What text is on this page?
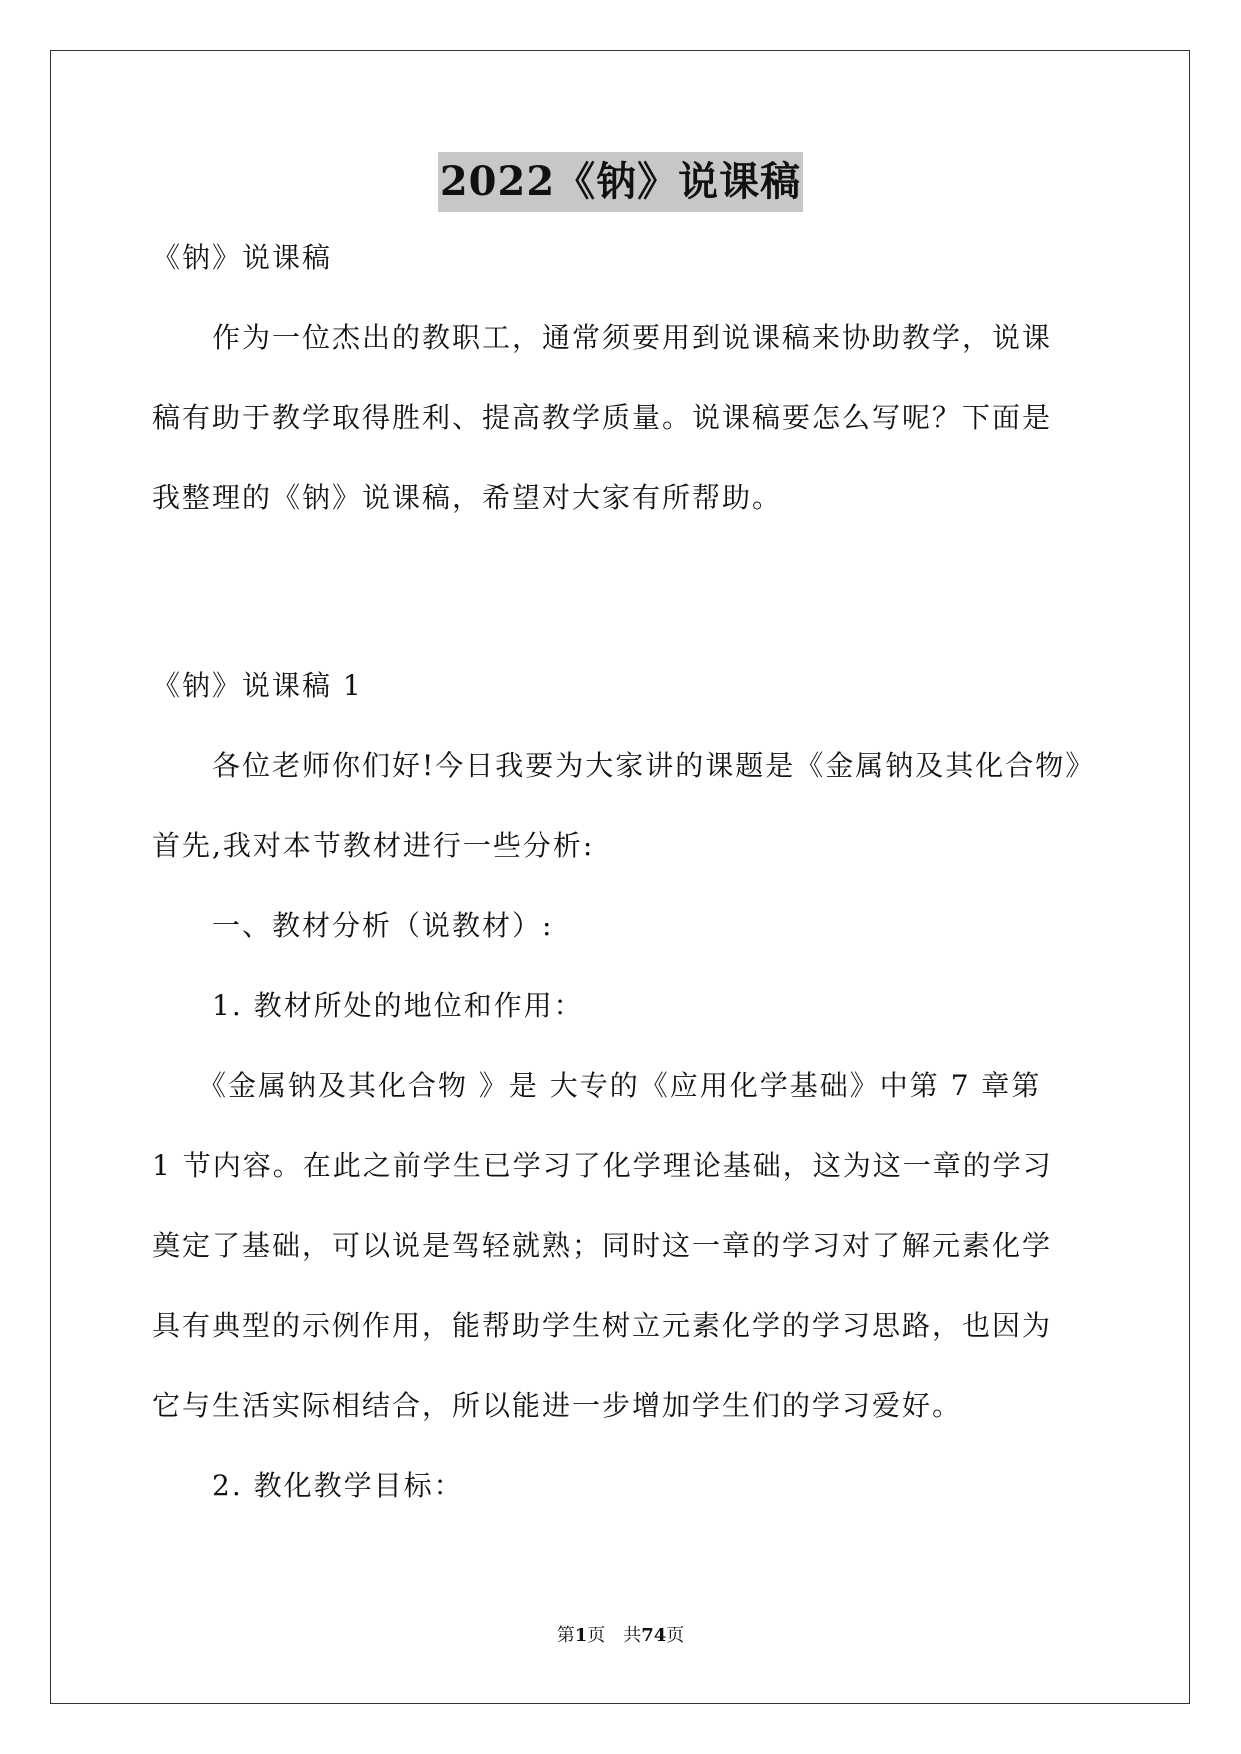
2022《钠》说课稿
《钠》说课稿
　　作为一位杰出的教职工，通常须要用到说课稿来协助教学，说课
稿有助于教学取得胜利、提高教学质量。说课稿要怎么写呢？下面是
我整理的《钠》说课稿，希望对大家有所帮助。
《钠》说课稿 1
　　各位老师你们好!今日我要为大家讲的课题是《金属钠及其化合物》
首先,我对本节教材进行一些分析:
　　一、教材分析（说教材）:
　　1. 教材所处的地位和作用：
　　《金属钠及其化合物 》是 大专的《应用化学基础》中第 7 章第
1 节内容。在此之前学生已学习了化学理论基础，这为这一章的学习
奠定了基础，可以说是驾轻就熟；同时这一章的学习对了解元素化学
具有典型的示例作用，能帮助学生树立元素化学的学习思路，也因为
它与生活实际相结合，所以能进一步增加学生们的学习爱好。
　　2. 教化教学目标：
第1页　共74页
